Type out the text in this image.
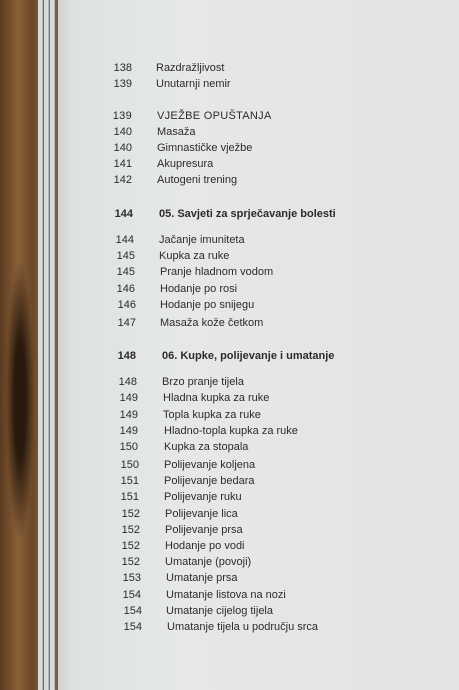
138 Razdražljivost
139 Unutarnji nemir
139 VJEŽBE OPUŠTANJA
140 Masaža
140 Gimnastičke vježbe
141 Akupresura
142 Autogeni trening
144 05. Savjeti za sprječavanje bolesti
144 Jačanje imuniteta
145 Kupka za ruke
145 Pranje hladnom vodom
146 Hodanje po rosi
146 Hodanje po snijegu
147 Masaža kože četkom
148 06. Kupke, polijevanje i umatanje
148 Brzo pranje tijela
149 Hladna kupka za ruke
149 Topla kupka za ruke
149 Hladno-topla kupka za ruke
150 Kupka za stopala
150 Polijevanje koljena
151 Polijevanje bedara
151 Polijevanje ruku
152 Polijevanje lica
152 Polijevanje prsa
152 Hodanje po vodi
152 Umatanje (povoji)
153 Umatanje prsa
154 Umatanje listova na nozi
154 Umatanje cijelog tijela
154 Umatanje tijela u području srca
